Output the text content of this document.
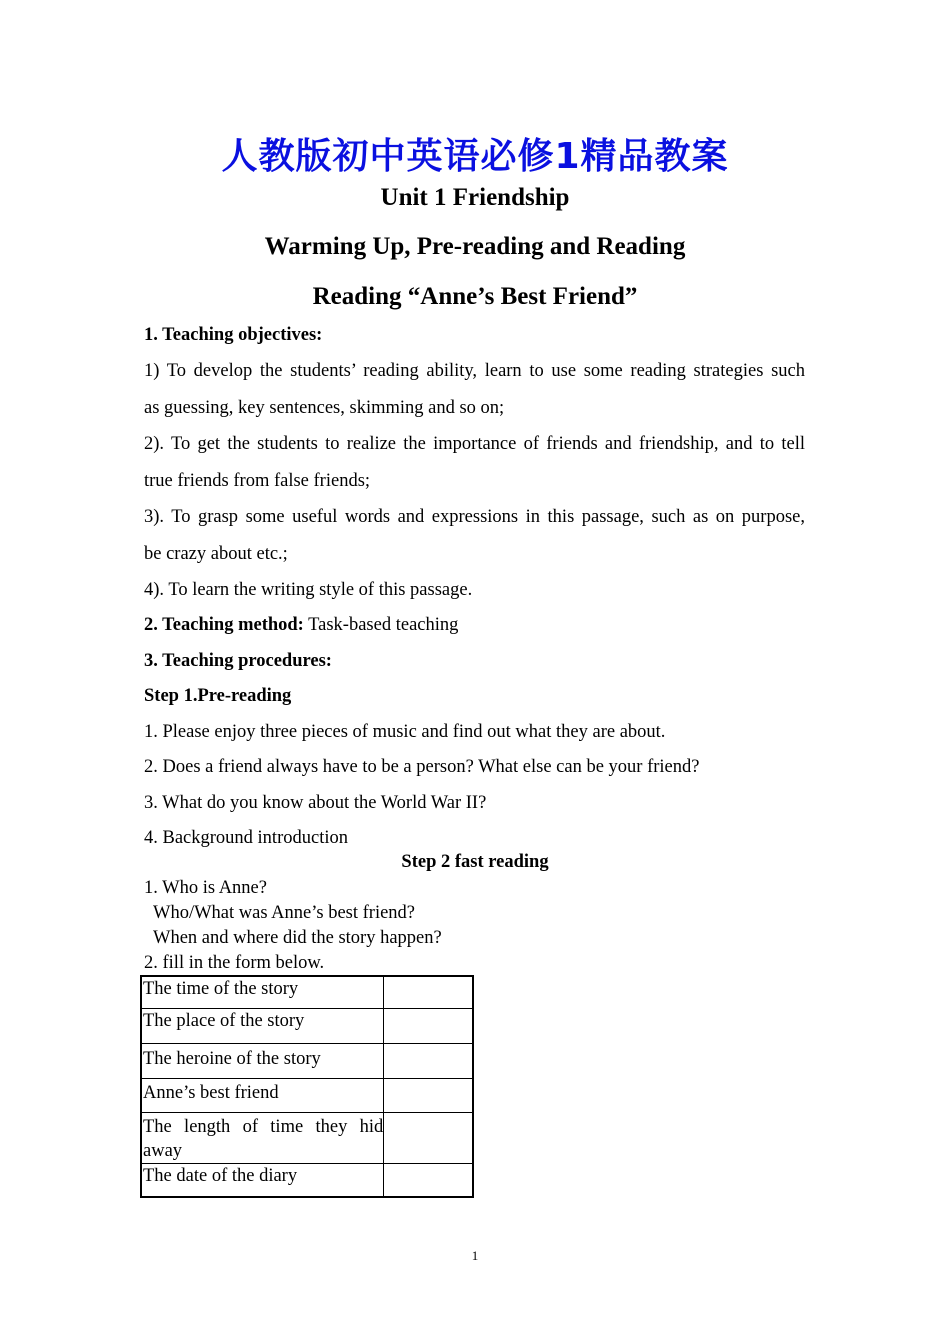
人教版初中英语必修1精品教案
Unit 1 Friendship
Warming Up, Pre-reading and Reading
Reading “Anne’s Best Friend”
1. Teaching objectives:
1) To develop the students’ reading ability, learn to use some reading strategies such
as guessing, key sentences, skimming and so on;
2). To get the students to realize the importance of friends and friendship, and to tell
true friends from false friends;
3). To grasp some useful words and expressions in this passage, such as on purpose,
be crazy about etc.;
4). To learn the writing style of this passage.
2. Teaching method: Task-based teaching
3. Teaching procedures:
Step 1.Pre-reading
1. Please enjoy three pieces of music and find out what they are about.
2. Does a friend always have to be a person? What else can be your friend?
3. What do you know about the World War II?
4. Background introduction
Step 2 fast reading
1. Who is Anne?
Who/What was Anne’s best friend?
When and where did the story happen?
2. fill in the form below.
The time of the story	
The place of the story	
The heroine of the story	
Anne’s best friend	
The length of time they hid away	
The date of the diary	
1
